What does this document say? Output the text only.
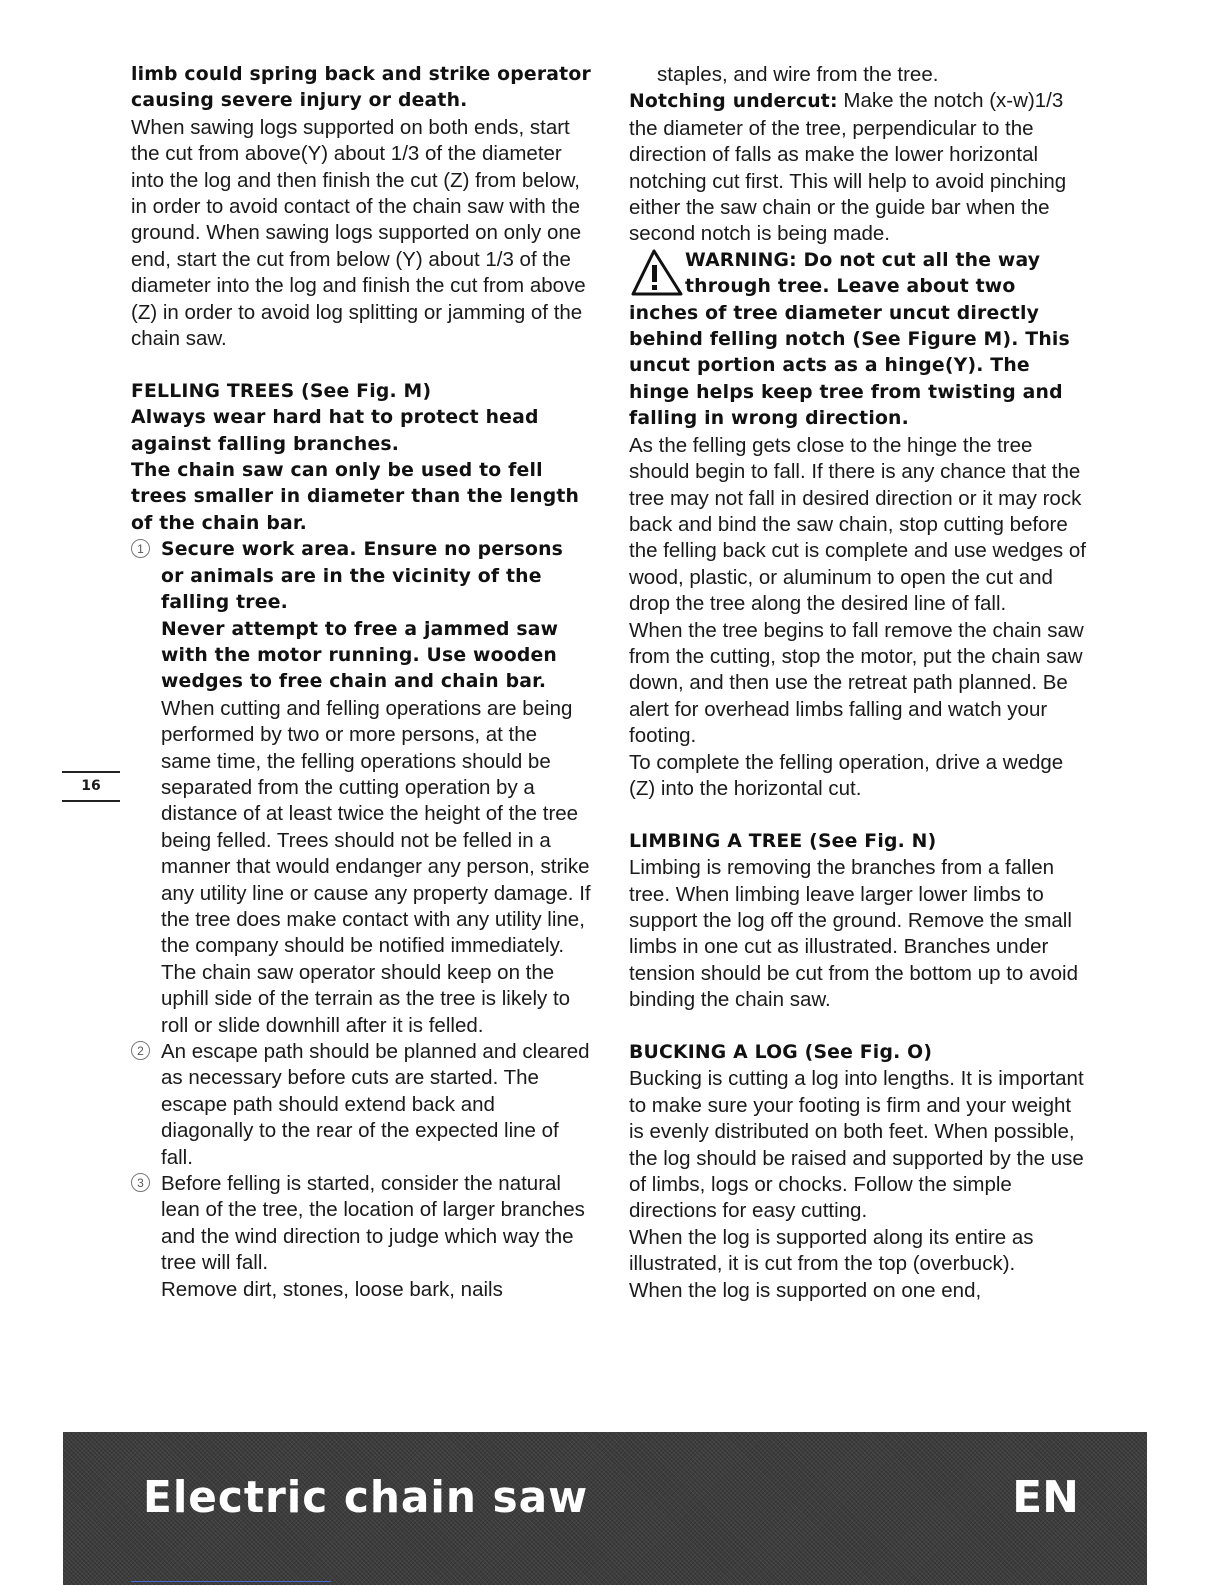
16

limb could spring back and strike operator causing severe injury or death.

When sawing logs supported on both ends, start the cut from above(Y) about 1/3 of the diameter into the log and then finish the cut (Z) from below, in order to avoid contact of the chain saw with the ground. When sawing logs supported on only one end, start the cut from below (Y) about 1/3 of the diameter into the log and finish the cut from above (Z) in order to avoid log splitting or jamming of the chain saw.

FELLING TREES (See Fig. M)

Always wear hard hat to protect head against falling branches.

The chain saw can only be used to fell trees smaller in diameter than the length of the chain bar.

1 Secure work area. Ensure no persons or animals are in the vicinity of the falling tree.

Never attempt to free a jammed saw with the motor running. Use wooden wedges to free chain and chain bar.

When cutting and felling operations are being performed by two or more persons, at the same time, the felling operations should be separated from the cutting operation by a distance of at least twice the height of the tree being felled. Trees should not be felled in a manner that would endanger any person, strike any utility line or cause any property damage. If the tree does make contact with any utility line, the company should be notified immediately.

The chain saw operator should keep on the uphill side of the terrain as the tree is likely to roll or slide downhill after it is felled.

2 An escape path should be planned and cleared as necessary before cuts are started. The escape path should extend back and diagonally to the rear of the expected line of fall.

3 Before felling is started, consider the natural lean of the tree, the location of larger branches and the wind direction to judge which way the tree will fall.

Remove dirt, stones, loose bark, nails

staples, and wire from the tree.

Notching undercut: Make the notch (x-w)1/3 the diameter of the tree, perpendicular to the direction of falls as make the lower horizontal notching cut first. This will help to avoid pinching either the saw chain or the guide bar when the second notch is being made.

WARNING: Do not cut all the way

through tree. Leave about two

inches of tree diameter uncut directly behind felling notch (See Figure M). This uncut portion acts as a hinge(Y). The hinge helps keep tree from twisting and falling in wrong direction.

As the felling gets close to the hinge the tree should begin to fall. If there is any chance that the tree may not fall in desired direction or it may rock back and bind the saw chain, stop cutting before the felling back cut is complete and use wedges of wood, plastic, or aluminum to open the cut and drop the tree along the desired line of fall.

When the tree begins to fall remove the chain saw from the cutting, stop the motor, put the chain saw down, and then use the retreat path planned. Be alert for overhead limbs falling and watch your footing.

To complete the felling operation, drive a wedge (Z) into the horizontal cut.

LIMBING A TREE (See Fig. N)

Limbing is removing the branches from a fallen tree. When limbing leave larger lower limbs to support the log off the ground. Remove the small limbs in one cut as illustrated. Branches under tension should be cut from the bottom up to avoid binding the chain saw.

BUCKING A LOG (See Fig. O)

Bucking is cutting a log into lengths. It is important to make sure your footing is firm and your weight is evenly distributed on both feet. When possible, the log should be raised and supported by the use of limbs, logs or chocks. Follow the simple directions for easy cutting.

When the log is supported along its entire as illustrated, it is cut from the top (overbuck).

When the log is supported on one end,

Electric chain saw	EN
